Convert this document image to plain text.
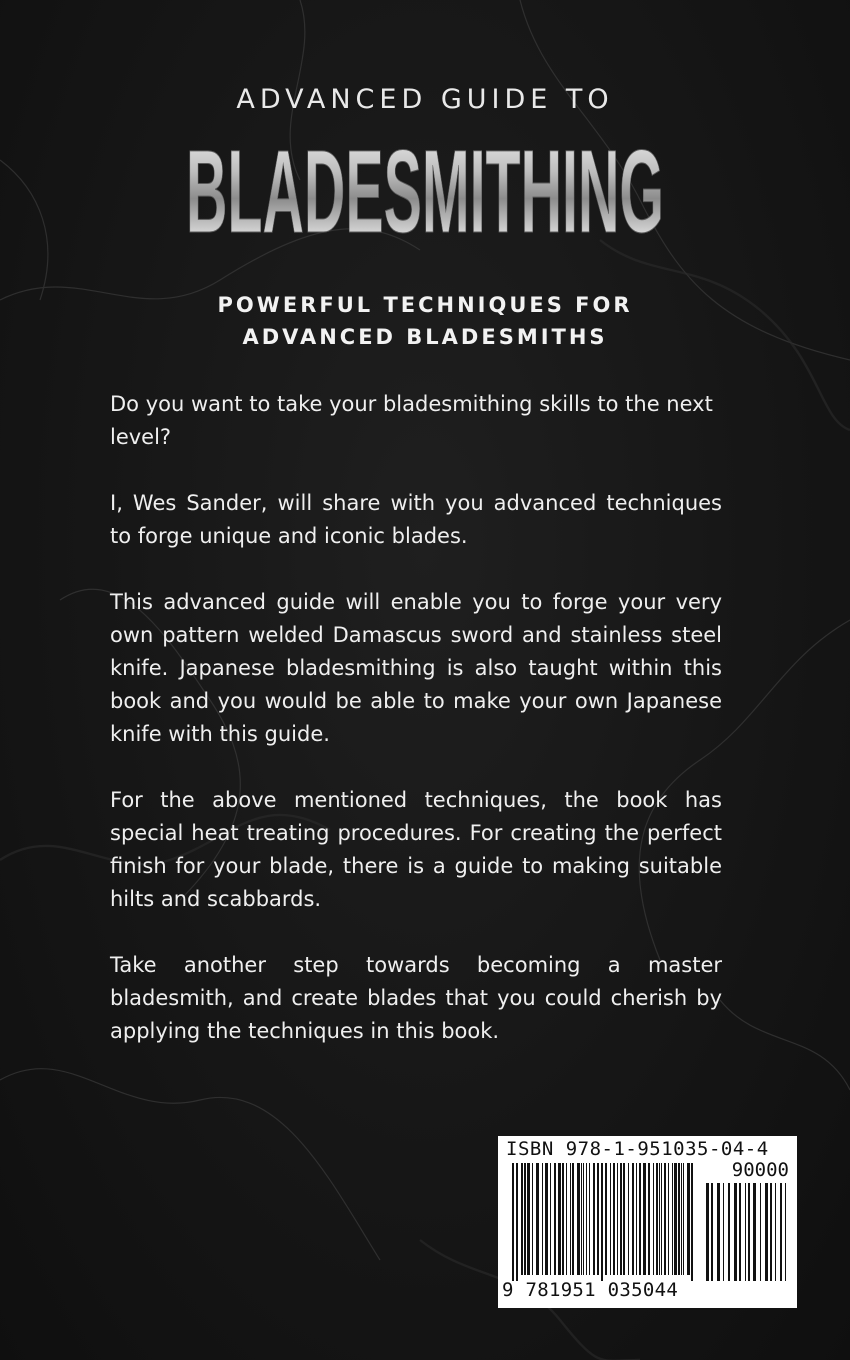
ADVANCED GUIDE TO
BLADESMITHING
POWERFUL TECHNIQUES FOR
ADVANCED BLADESMITHS

Do you want to take your bladesmithing skills to the next level?

I, Wes Sander, will share with you advanced techniques to forge unique and iconic blades.

This advanced guide will enable you to forge your very own pattern welded Damascus sword and stainless steel knife. Japanese bladesmithing is also taught within this book and you would be able to make your own Japanese knife with this guide.

For the above mentioned techniques, the book has special heat treating procedures. For creating the perfect finish for your blade, there is a guide to making suitable hilts and scabbards.

Take another step towards becoming a master bladesmith, and create blades that you could cherish by applying the techniques in this book.

ISBN 978-1-951035-04-4
90000
9 781951 035044
